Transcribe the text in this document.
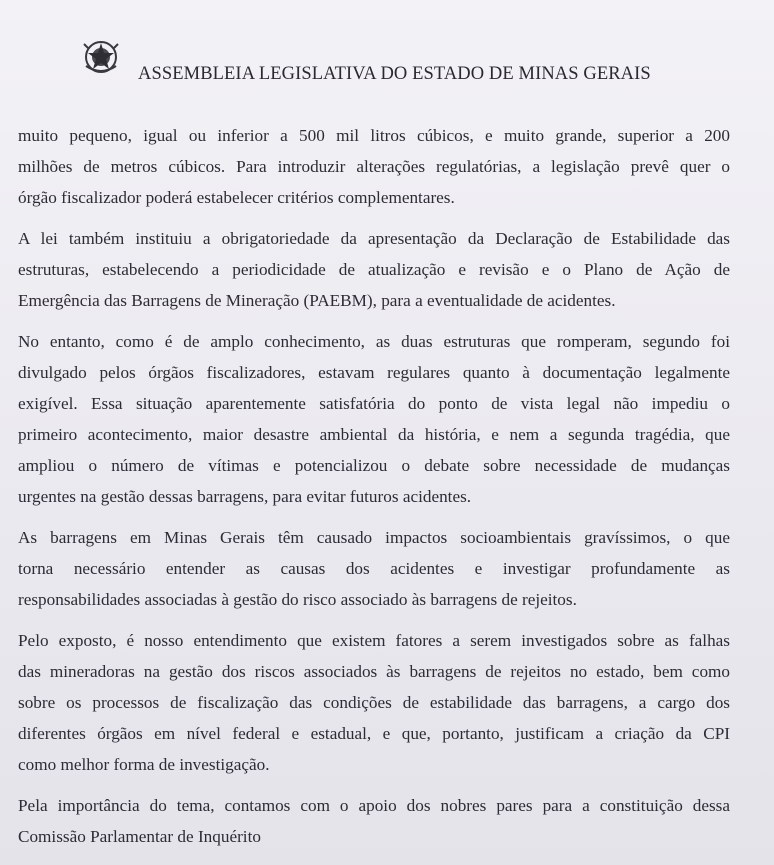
ASSEMBLEIA LEGISLATIVA DO ESTADO DE MINAS GERAIS

muito pequeno, igual ou inferior a 500 mil litros cúbicos, e muito grande, superior a 200
milhões de metros cúbicos. Para introduzir alterações regulatórias, a legislação prevê quer o
órgão fiscalizador poderá estabelecer critérios complementares.

A lei também instituiu a obrigatoriedade da apresentação da Declaração de Estabilidade das
estruturas, estabelecendo a periodicidade de atualização e revisão e o Plano de Ação de
Emergência das Barragens de Mineração (PAEBM), para a eventualidade de acidentes.

No entanto, como é de amplo conhecimento, as duas estruturas que romperam, segundo foi
divulgado pelos órgãos fiscalizadores, estavam regulares quanto à documentação legalmente
exigível. Essa situação aparentemente satisfatória do ponto de vista legal não impediu o
primeiro acontecimento, maior desastre ambiental da história, e nem a segunda tragédia, que
ampliou o número de vítimas e potencializou o debate sobre necessidade de mudanças
urgentes na gestão dessas barragens, para evitar futuros acidentes.

As barragens em Minas Gerais têm causado impactos socioambientais gravíssimos, o que
torna necessário entender as causas dos acidentes e investigar profundamente as
responsabilidades associadas à gestão do risco associado às barragens de rejeitos.

Pelo exposto, é nosso entendimento que existem fatores a serem investigados sobre as falhas
das mineradoras na gestão dos riscos associados às barragens de rejeitos no estado, bem como
sobre os processos de fiscalização das condições de estabilidade das barragens, a cargo dos
diferentes órgãos em nível federal e estadual, e que, portanto, justificam a criação da CPI
como melhor forma de investigação.

Pela importância do tema, contamos com o apoio dos nobres pares para a constituição dessa
Comissão Parlamentar de Inquérito
